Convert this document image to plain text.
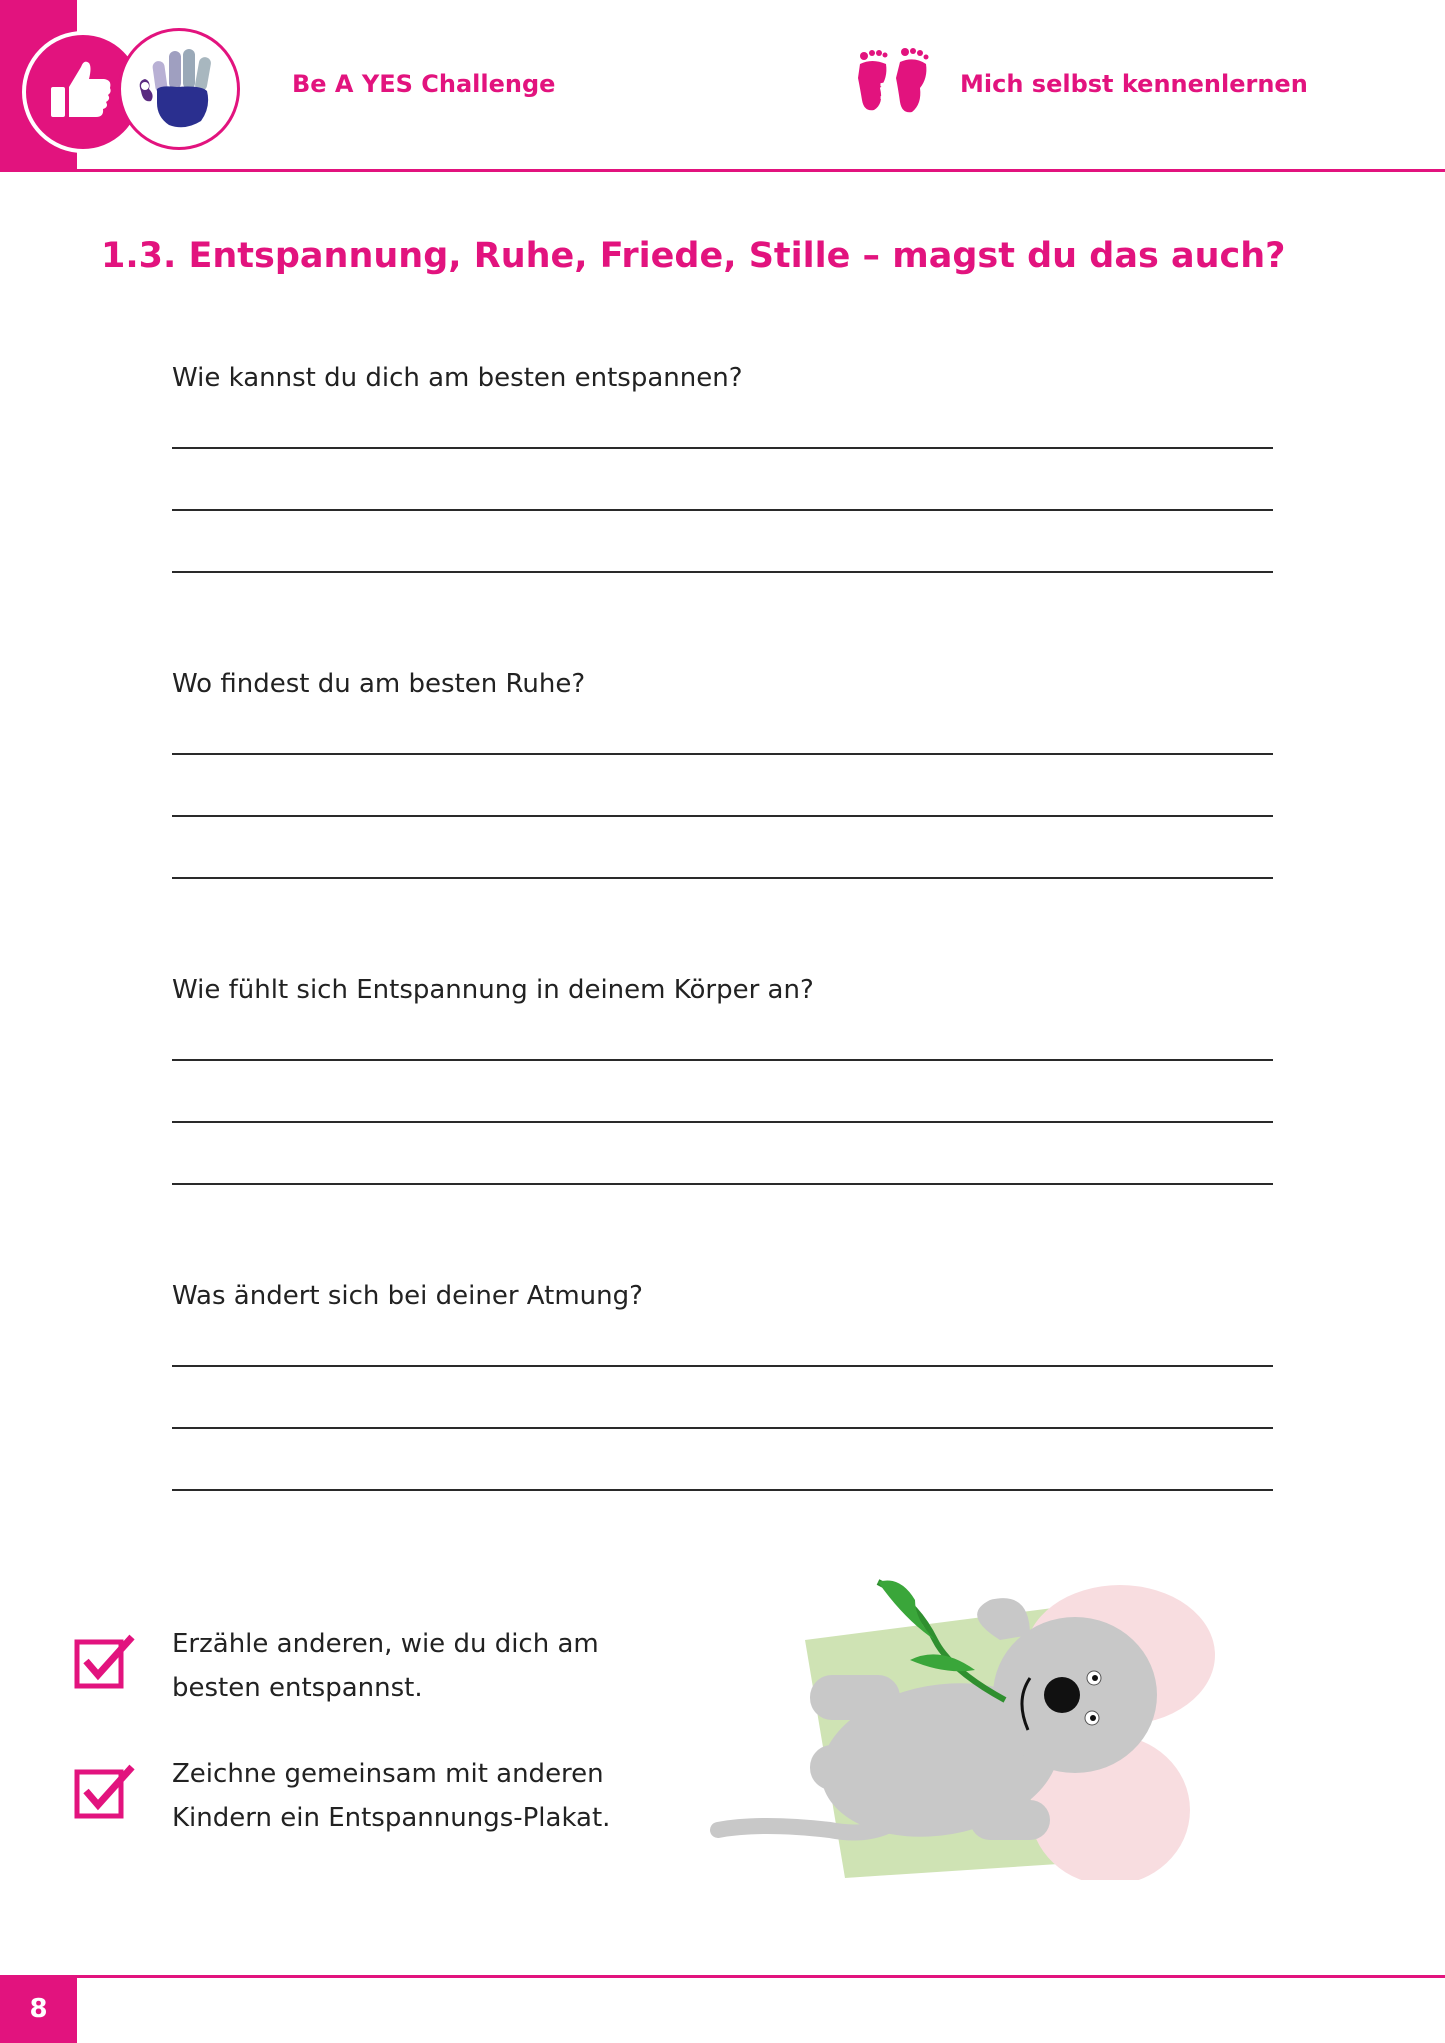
Be A YES Challenge	1	Mich selbst kennenlernen
1.3. Entspannung, Ruhe, Friede, Stille – magst du das auch?
Wie kannst du dich am besten entspannen?
Wo findest du am besten Ruhe?
Wie fühlt sich Entspannung in deinem Körper an?
Was ändert sich bei deiner Atmung?
Erzähle anderen, wie du dich am
besten entspannst.
Zeichne gemeinsam mit anderen
Kindern ein Entspannungs-Plakat.
8
